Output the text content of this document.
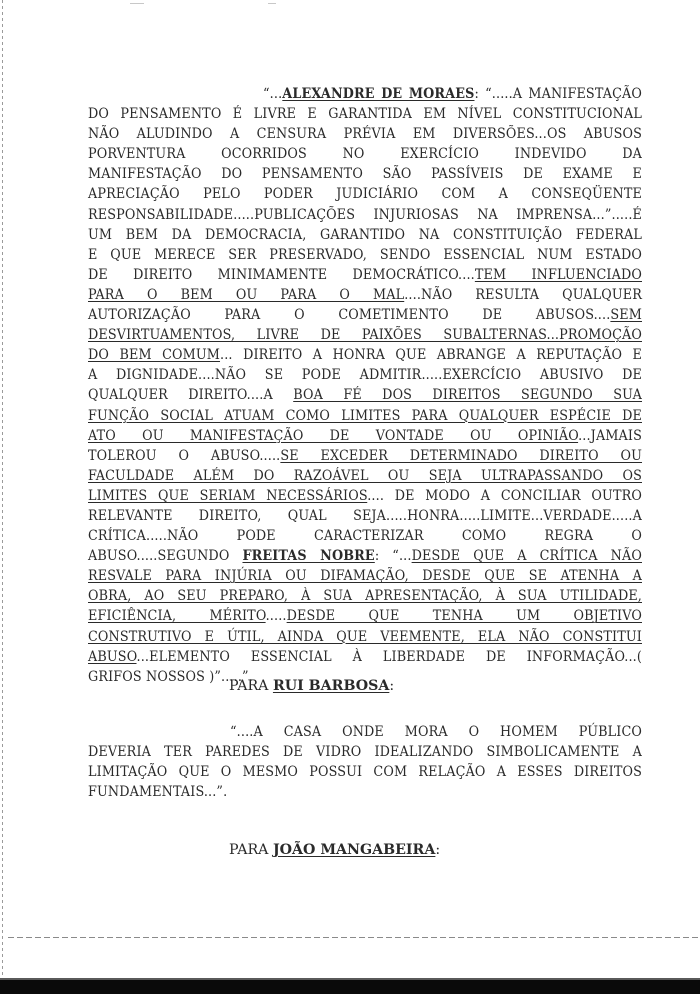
“...ALEXANDRE DE MORAES: “.....A MANIFESTAÇÃO
DO PENSAMENTO É LIVRE E GARANTIDA EM NÍVEL CONSTITUCIONAL
NÃO ALUDINDO A CENSURA PRÉVIA EM DIVERSÕES...OS ABUSOS
PORVENTURA OCORRIDOS NO EXERCÍCIO INDEVIDO DA
MANIFESTAÇÃO DO PENSAMENTO SÃO PASSÍVEIS DE EXAME E
APRECIAÇÃO PELO PODER JUDICIÁRIO COM A CONSEQÜENTE
RESPONSABILIDADE.....PUBLICAÇÕES INJURIOSAS NA IMPRENSA...”.....É
UM BEM DA DEMOCRACIA, GARANTIDO NA CONSTITUIÇÃO FEDERAL
E QUE MERECE SER PRESERVADO, SENDO ESSENCIAL NUM ESTADO
DE DIREITO MINIMAMENTE DEMOCRÁTICO....TEM INFLUENCIADO
PARA O BEM OU PARA O MAL....NÃO RESULTA QUALQUER
AUTORIZAÇÃO PARA O COMETIMENTO DE ABUSOS....SEM
DESVIRTUAMENTOS, LIVRE DE PAIXÕES SUBALTERNAS...PROMOÇÃO
DO BEM COMUM... DIREITO A HONRA QUE ABRANGE A REPUTAÇÃO E
A DIGNIDADE....NÃO SE PODE ADMITIR.....EXERCÍCIO ABUSIVO DE
QUALQUER DIREITO....A BOA FÉ DOS DIREITOS SEGUNDO SUA
FUNÇÃO SOCIAL ATUAM COMO LIMITES PARA QUALQUER ESPÉCIE DE
ATO OU MANIFESTAÇÃO DE VONTADE OU OPINIÃO...JAMAIS
TOLEROU O ABUSO.....SE EXCEDER DETERMINADO DIREITO OU
FACULDADE ALÉM DO RAZOÁVEL OU SEJA ULTRAPASSANDO OS
LIMITES QUE SERIAM NECESSÁRIOS.... DE MODO A CONCILIAR OUTRO
RELEVANTE DIREITO, QUAL SEJA.....HONRA.....LIMITE...VERDADE.....A
CRÍTICA.....NÃO PODE CARACTERIZAR COMO REGRA O
ABUSO.....SEGUNDO FREITAS NOBRE: “...DESDE QUE A CRÍTICA NÃO
RESVALE PARA INJÚRIA OU DIFAMAÇÃO, DESDE QUE SE ATENHA A
OBRA, AO SEU PREPARO, À SUA APRESENTAÇÃO, À SUA UTILIDADE,
EFICIÊNCIA, MÉRITO.....DESDE QUE TENHA UM OBJETIVO
CONSTRUTIVO E ÚTIL, AINDA QUE VEEMENTE, ELA NÃO CONSTITUI
ABUSO...ELEMENTO ESSENCIAL À LIBERDADE DE INFORMAÇÃO...(
GRIFOS NOSSOS )”.....”.
PARA RUI BARBOSA:
“....A CASA ONDE MORA O HOMEM PÚBLICO
DEVERIA TER PAREDES DE VIDRO IDEALIZANDO SIMBOLICAMENTE A
LIMITAÇÃO QUE O MESMO POSSUI COM RELAÇÃO A ESSES DIREITOS
FUNDAMENTAIS...”.
PARA JOÃO MANGABEIRA:
